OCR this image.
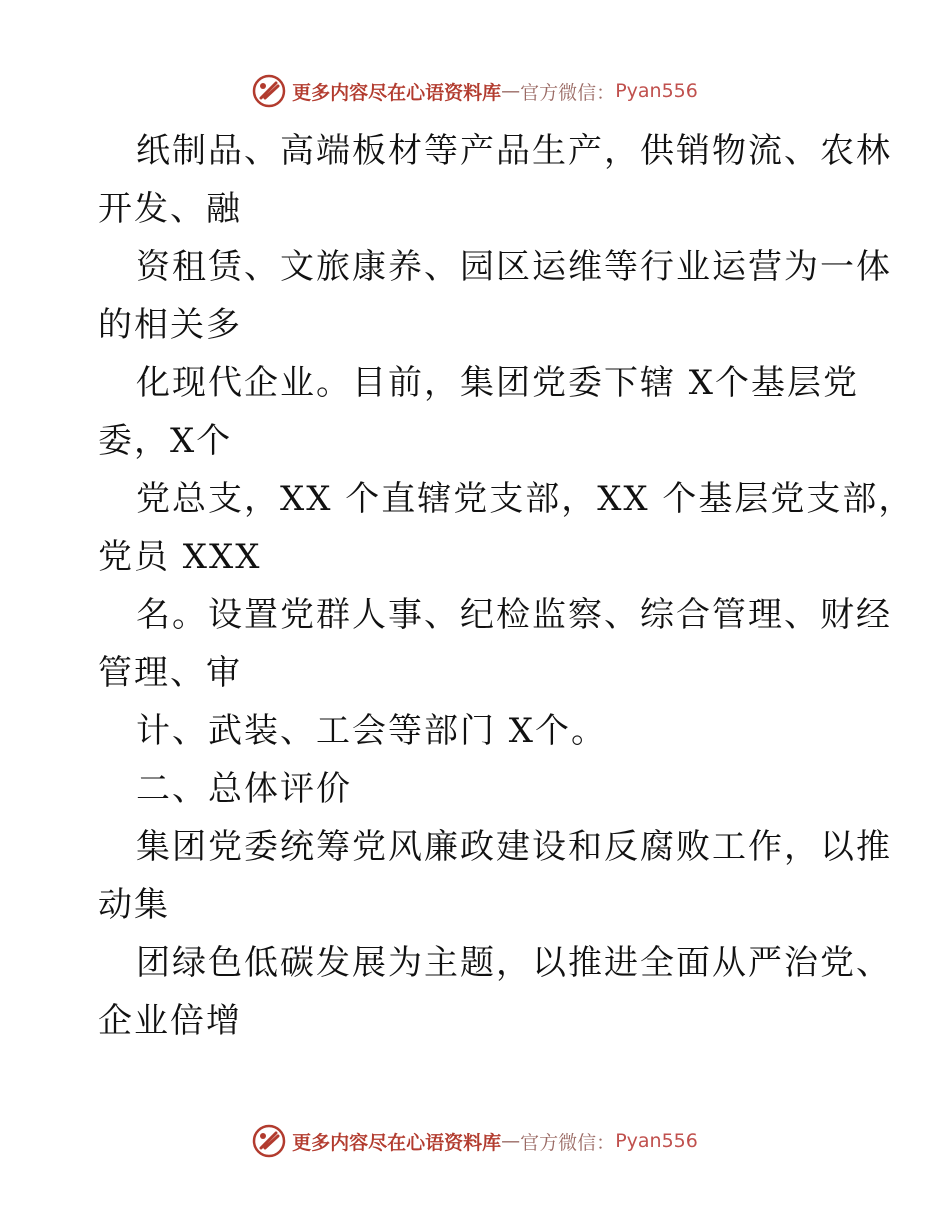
更多内容尽在心语资料库 — 官方微信： Pyan556

纸制品、高端板材等产品生产，供销物流、农林

开发、融

资租赁、文旅康养、园区运维等行业运营为一体

的相关多

化现代企业。目前，集团党委下辖 X个基层党

委，X个

党总支，XX 个直辖党支部，XX 个基层党支部，

党员 XXX

名。设置党群人事、纪检监察、综合管理、财经

管理、审

计、武装、工会等部门 X个。

二、总体评价

集团党委统筹党风廉政建设和反腐败工作，以推

动集

团绿色低碳发展为主题，以推进全面从严治党、

企业倍增

更多内容尽在心语资料库 — 官方微信： Pyan556
